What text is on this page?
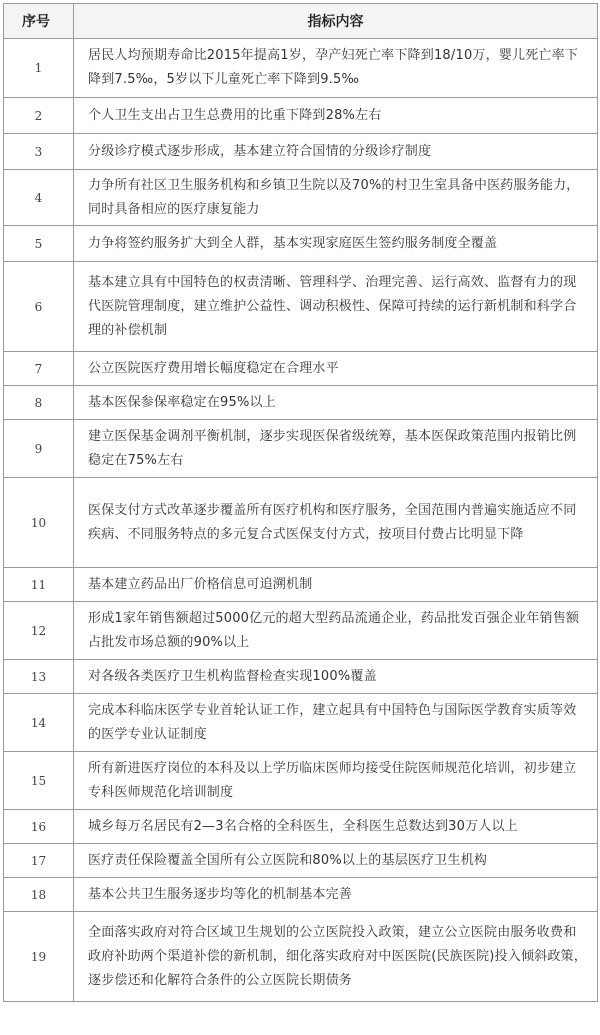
序号	指标内容
1	居民人均预期寿命比2015年提高1岁，孕产妇死亡率下降到18/10万，婴儿死亡率下降到7.5‰，5岁以下儿童死亡率下降到9.5‰
2	个人卫生支出占卫生总费用的比重下降到28%左右
3	分级诊疗模式逐步形成，基本建立符合国情的分级诊疗制度
4	力争所有社区卫生服务机构和乡镇卫生院以及70%的村卫生室具备中医药服务能力，同时具备相应的医疗康复能力
5	力争将签约服务扩大到全人群，基本实现家庭医生签约服务制度全覆盖
6	基本建立具有中国特色的权责清晰、管理科学、治理完善、运行高效、监督有力的现代医院管理制度，建立维护公益性、调动积极性、保障可持续的运行新机制和科学合理的补偿机制
7	公立医院医疗费用增长幅度稳定在合理水平
8	基本医保参保率稳定在95%以上
9	建立医保基金调剂平衡机制，逐步实现医保省级统筹，基本医保政策范围内报销比例稳定在75%左右
10	医保支付方式改革逐步覆盖所有医疗机构和医疗服务，全国范围内普遍实施适应不同疾病、不同服务特点的多元复合式医保支付方式，按项目付费占比明显下降
11	基本建立药品出厂价格信息可追溯机制
12	形成1家年销售额超过5000亿元的超大型药品流通企业，药品批发百强企业年销售额占批发市场总额的90%以上
13	对各级各类医疗卫生机构监督检查实现100%覆盖
14	完成本科临床医学专业首轮认证工作，建立起具有中国特色与国际医学教育实质等效的医学专业认证制度
15	所有新进医疗岗位的本科及以上学历临床医师均接受住院医师规范化培训，初步建立专科医师规范化培训制度
16	城乡每万名居民有2—3名合格的全科医生，全科医生总数达到30万人以上
17	医疗责任保险覆盖全国所有公立医院和80%以上的基层医疗卫生机构
18	基本公共卫生服务逐步均等化的机制基本完善
19	全面落实政府对符合区域卫生规划的公立医院投入政策，建立公立医院由服务收费和政府补助两个渠道补偿的新机制，细化落实政府对中医医院(民族医院)投入倾斜政策，逐步偿还和化解符合条件的公立医院长期债务
